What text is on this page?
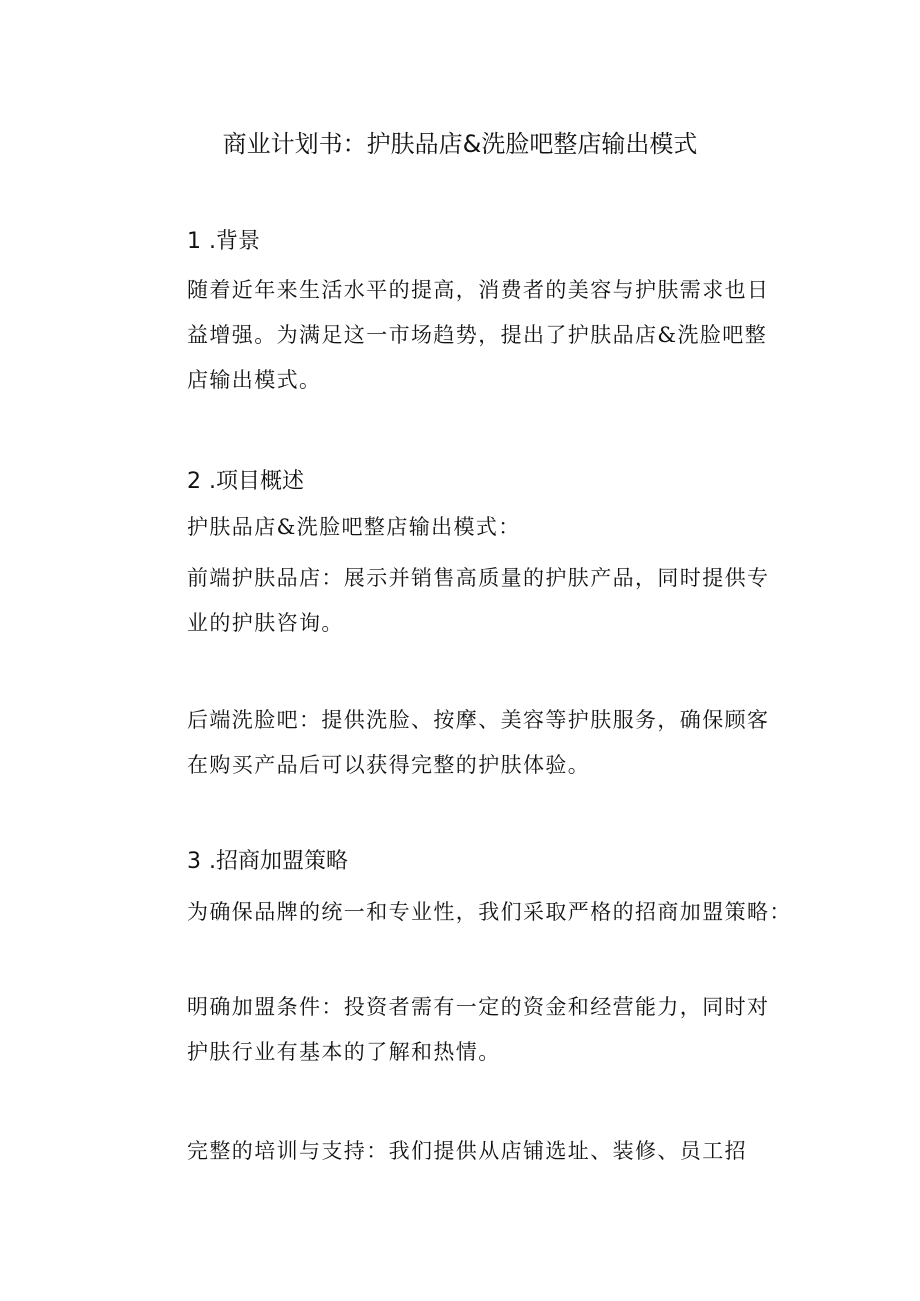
商业计划书：护肤品店&洗脸吧整店输出模式
1 .背景
随着近年来生活水平的提高，消费者的美容与护肤需求也日
益增强。为满足这一市场趋势，提出了护肤品店&洗脸吧整
店输出模式。
2 .项目概述
护肤品店&洗脸吧整店输出模式：
前端护肤品店：展示并销售高质量的护肤产品，同时提供专
业的护肤咨询。
后端洗脸吧：提供洗脸、按摩、美容等护肤服务，确保顾客
在购买产品后可以获得完整的护肤体验。
3 .招商加盟策略
为确保品牌的统一和专业性，我们采取严格的招商加盟策略：
明确加盟条件：投资者需有一定的资金和经营能力，同时对
护肤行业有基本的了解和热情。
完整的培训与支持：我们提供从店铺选址、装修、员工招
